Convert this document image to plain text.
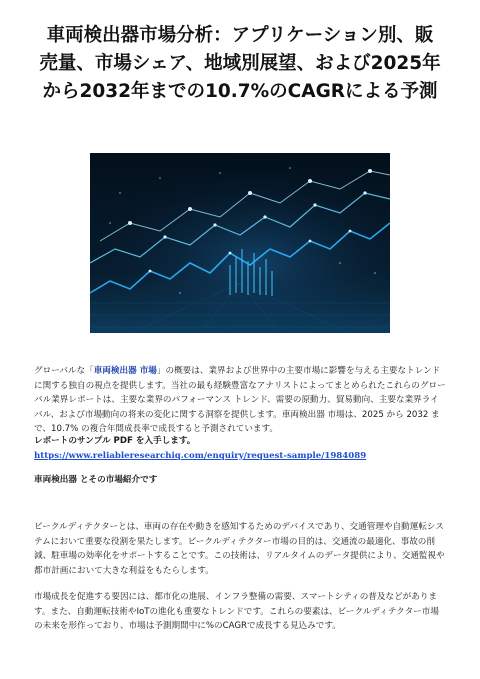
車両検出器市場分析：アプリケーション別、販
売量、市場シェア、地域別展望、および2025年
から2032年までの10.7%のCAGRによる予測
グローバルな「車両検出器 市場」の概要は、業界および世界中の主要市場に影響を与える主要なトレンドに関する独自の視点を提供します。当社の最も経験豊富なアナリストによってまとめられたこれらのグローバル業界レポートは、主要な業界のパフォーマンス トレンド、需要の原動力、貿易動向、主要な業界ライバル、および市場動向の将来の変化に関する洞察を提供します。車両検出器 市場は、2025 から 2032 まで、10.7% の複合年間成長率で成長すると予測されています。
レポートのサンプル PDF を入手します。https://www.reliableresearchiq.com/enquiry/request-sample/1984089
車両検出器 とその市場紹介です
ビークルディテクターとは、車両の存在や動きを感知するためのデバイスであり、交通管理や自動運転システムにおいて重要な役割を果たします。ビークルディテクター市場の目的は、交通流の最適化、事故の削減、駐車場の効率化をサポートすることです。この技術は、リアルタイムのデータ提供により、交通監視や都市計画において大きな利益をもたらします。
市場成長を促進する要因には、都市化の進展、インフラ整備の需要、スマートシティの普及などがあります。また、自動運転技術やIoTの進化も重要なトレンドです。これらの要素は、ビークルディテクター市場の未来を形作っており、市場は予測期間中に%のCAGRで成長する見込みです。
